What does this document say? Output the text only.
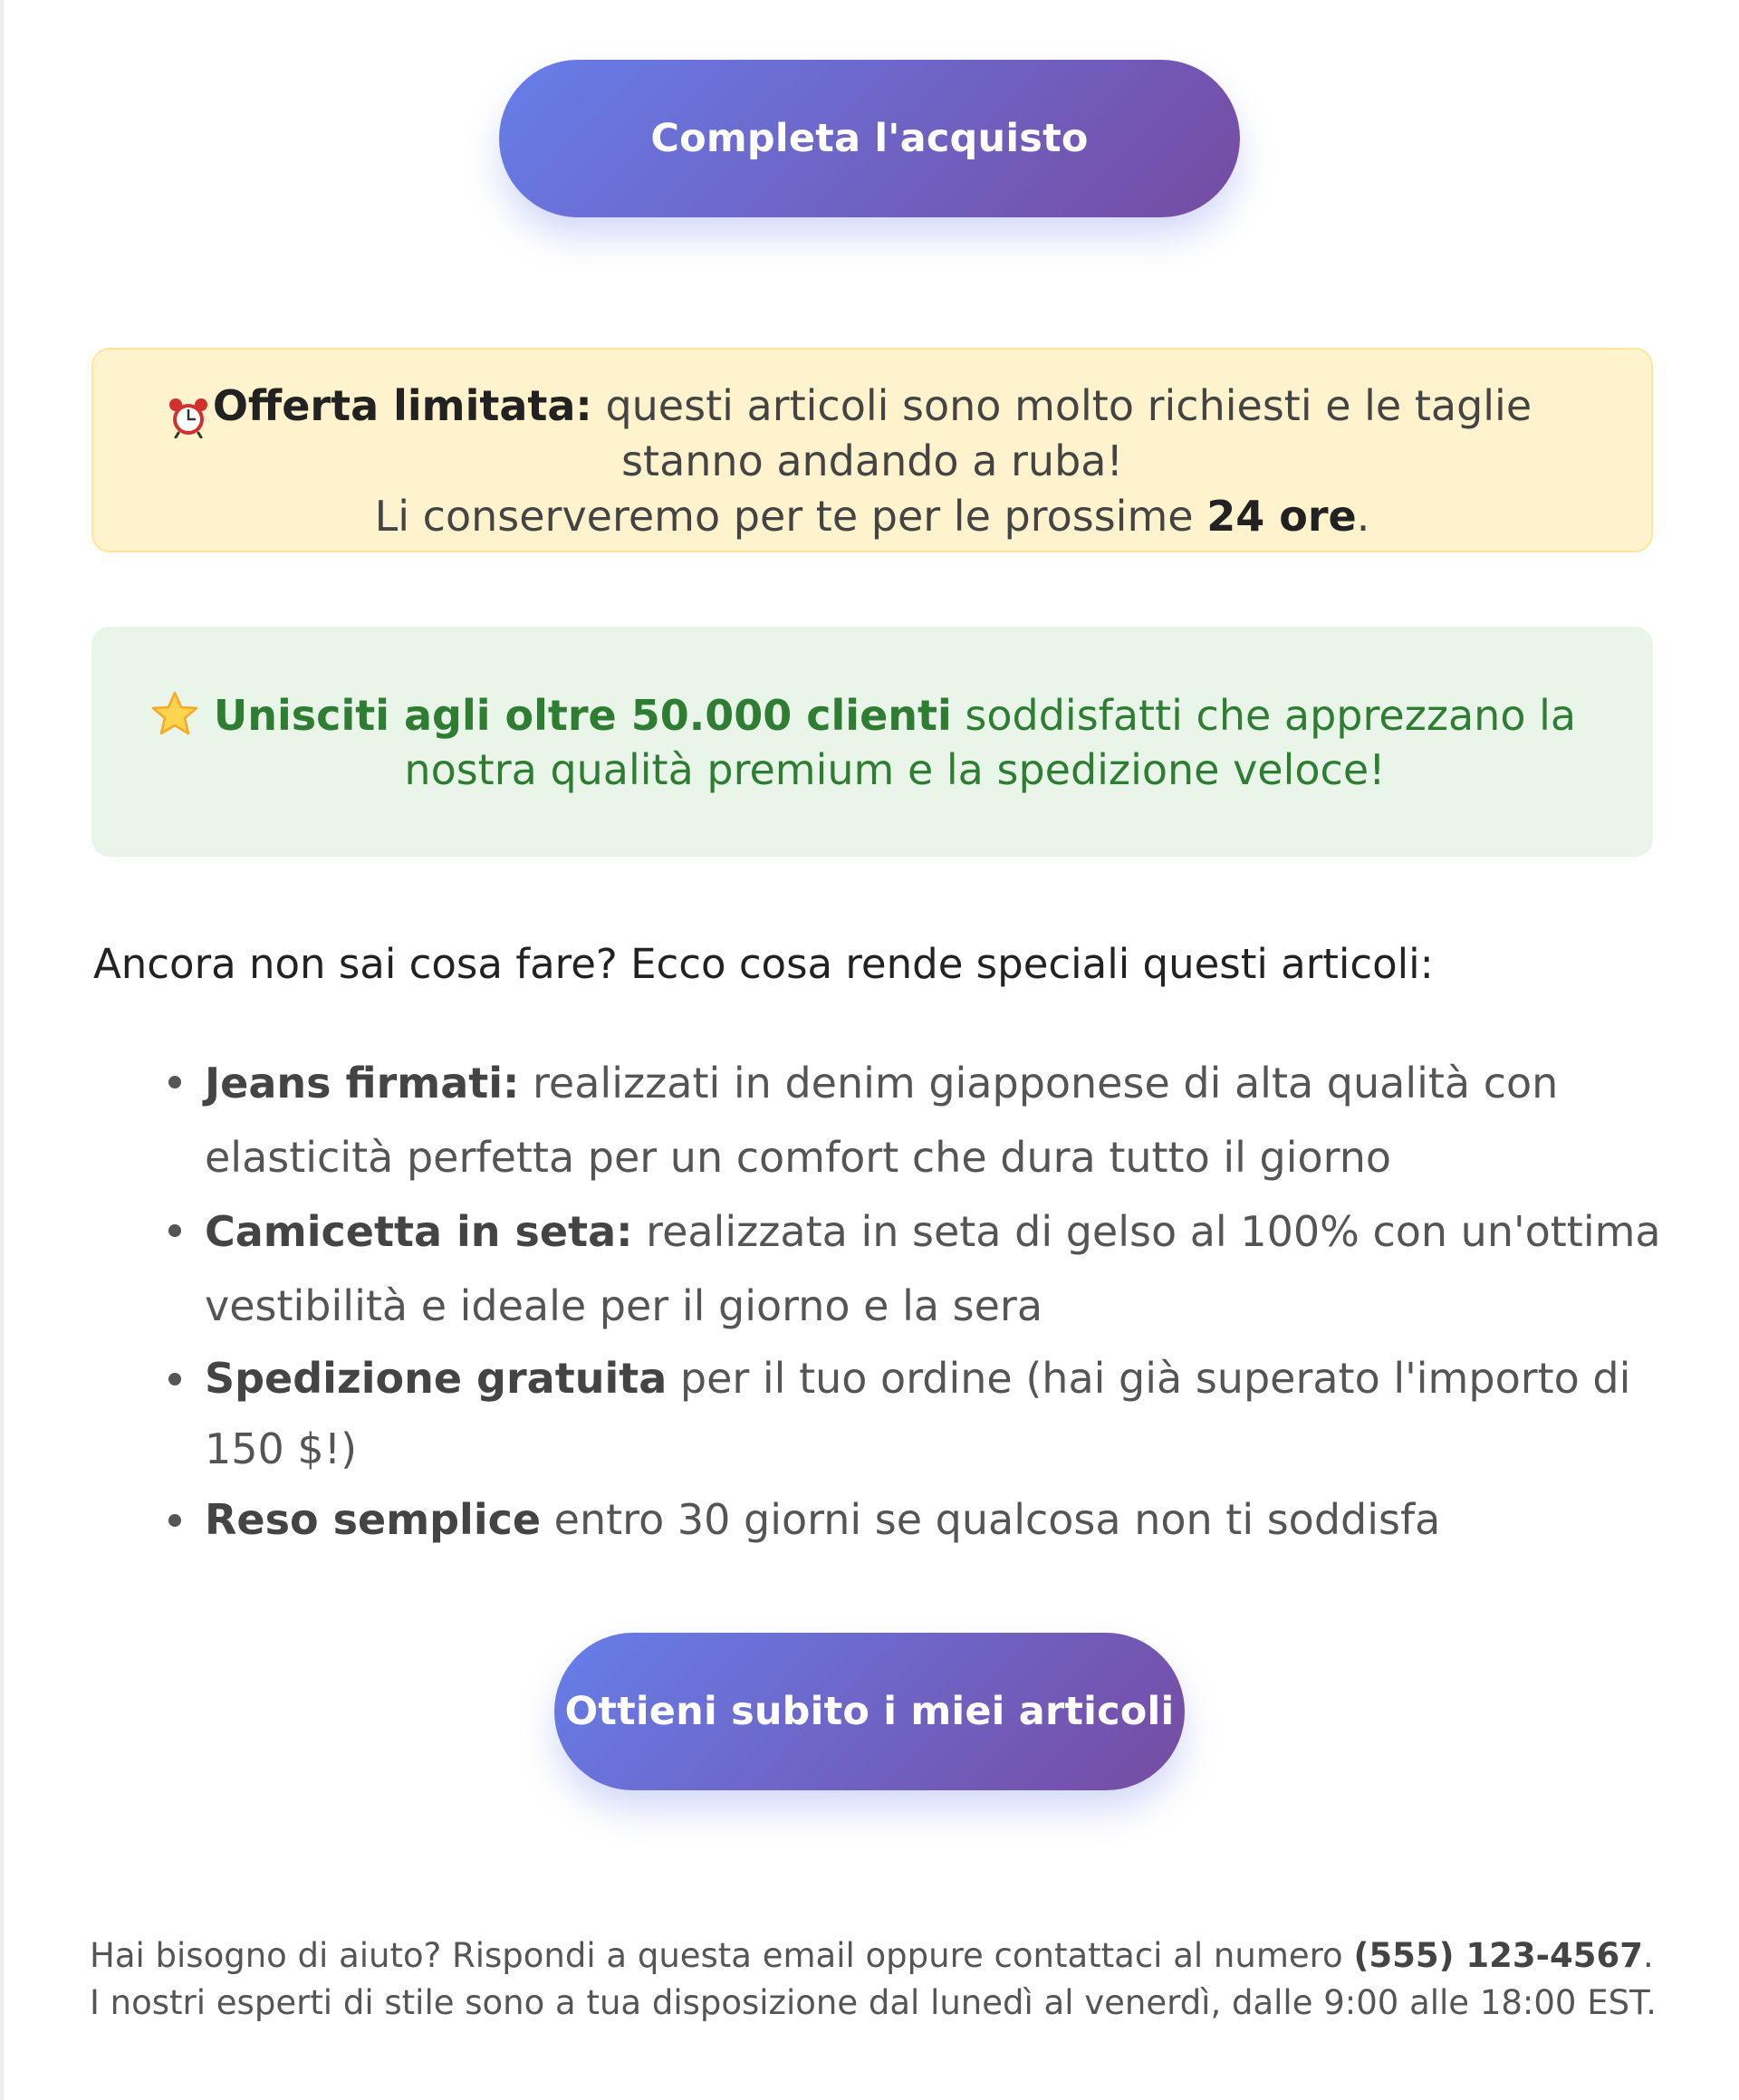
Completa l'acquisto
Offerta limitata: questi articoli sono molto richiesti e le taglie stanno andando a ruba!
Li conserveremo per te per le prossime 24 ore.
Unisciti agli oltre 50.000 clienti soddisfatti che apprezzano la nostra qualità premium e la spedizione veloce!
Ancora non sai cosa fare? Ecco cosa rende speciali questi articoli:
Jeans firmati: realizzati in denim giapponese di alta qualità con elasticità perfetta per un comfort che dura tutto il giorno
Camicetta in seta: realizzata in seta di gelso al 100% con un'ottima vestibilità e ideale per il giorno e la sera
Spedizione gratuita per il tuo ordine (hai già superato l'importo di 150 $!)
Reso semplice entro 30 giorni se qualcosa non ti soddisfa
Ottieni subito i miei articoli

Hai bisogno di aiuto? Rispondi a questa email oppure contattaci al numero (555) 123-4567.
I nostri esperti di stile sono a tua disposizione dal lunedì al venerdì, dalle 9:00 alle 18:00 EST.
